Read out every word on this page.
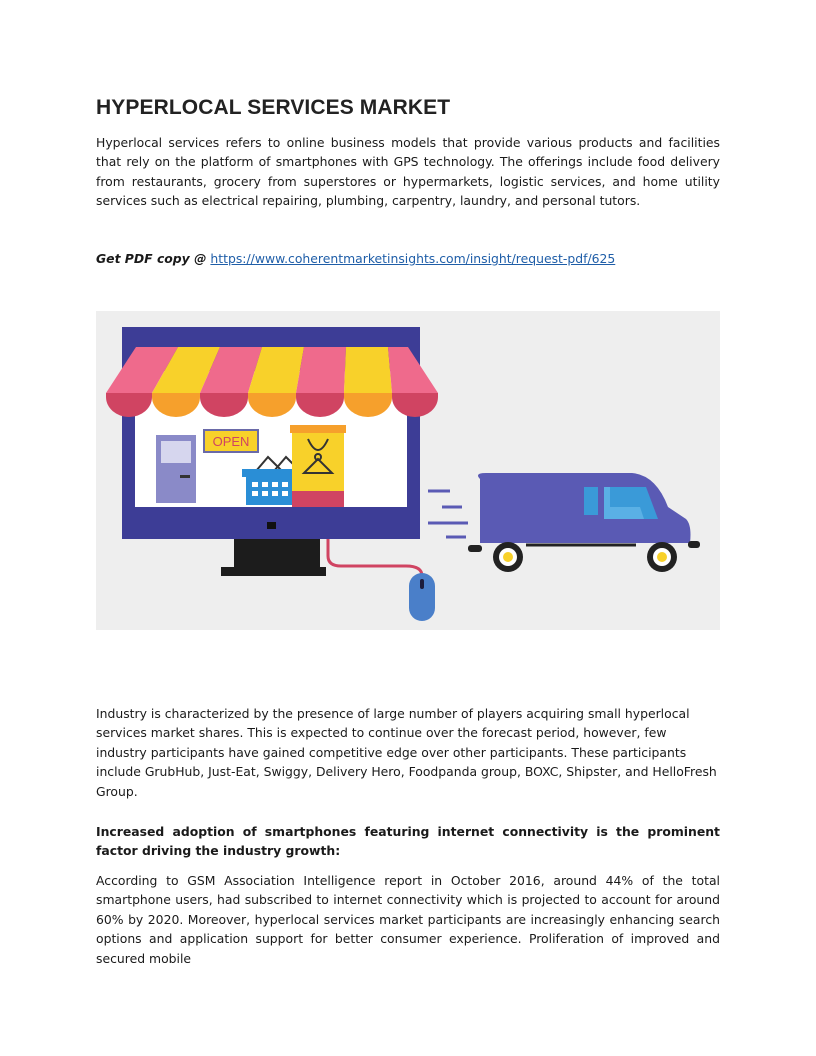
HYPERLOCAL SERVICES MARKET

Hyperlocal services refers to online business models that provide various products and facilities that rely on the platform of smartphones with GPS technology. The offerings include food delivery from restaurants, grocery from superstores or hypermarkets, logistic services, and home utility services such as electrical repairing, plumbing, carpentry, laundry, and personal tutors.

Get PDF copy @ https://www.coherentmarketinsights.com/insight/request-pdf/625
OPEN

Industry is characterized by the presence of large number of players acquiring small hyperlocal services market shares. This is expected to continue over the forecast period, however, few industry participants have gained competitive edge over other participants. These participants include GrubHub, Just-Eat, Swiggy, Delivery Hero, Foodpanda group, BOXC, Shipster, and HelloFresh Group.

Increased adoption of smartphones featuring internet connectivity is the prominent factor driving the industry growth:

According to GSM Association Intelligence report in October 2016, around 44% of the total smartphone users, had subscribed to internet connectivity which is projected to account for around 60% by 2020. Moreover, hyperlocal services market participants are increasingly enhancing search options and application support for better consumer experience. Proliferation of improved and secured mobile
